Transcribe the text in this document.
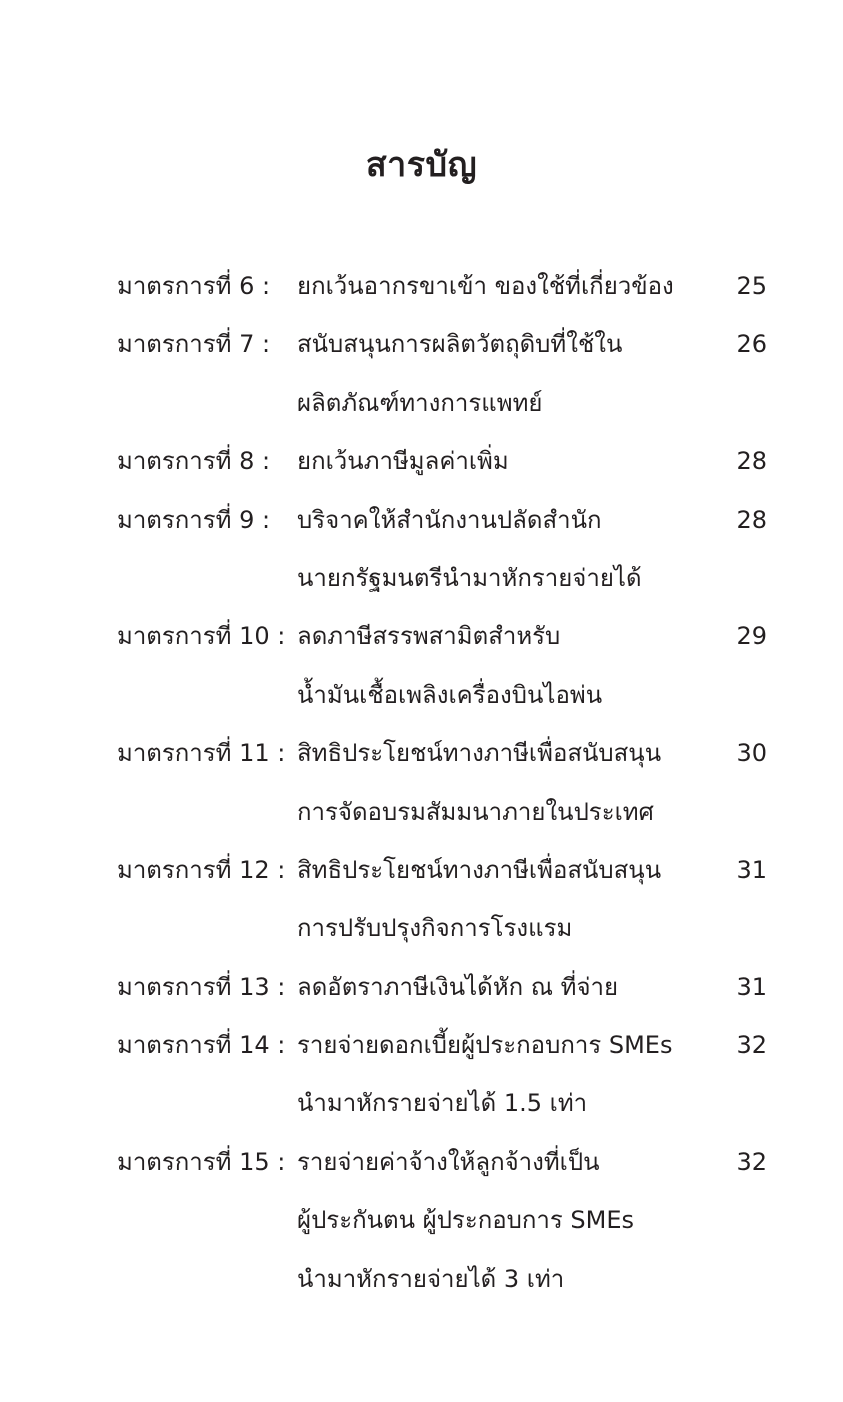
สารบัญ
มาตรการที่ 6 : ยกเว้นอากรขาเข้า ของใช้ที่เกี่ยวข้อง	25
มาตรการที่ 7 : สนับสนุนการผลิตวัตถุดิบที่ใช้ใน	26
ผลิตภัณฑ์ทางการแพทย์
มาตรการที่ 8 : ยกเว้นภาษีมูลค่าเพิ่ม	28
มาตรการที่ 9 : บริจาคให้สำนักงานปลัดสำนัก	28
นายกรัฐมนตรีนำมาหักรายจ่ายได้
มาตรการที่ 10 : ลดภาษีสรรพสามิตสำหรับ	29
น้ำมันเชื้อเพลิงเครื่องบินไอพ่น
มาตรการที่ 11 : สิทธิประโยชน์ทางภาษีเพื่อสนับสนุน	30
การจัดอบรมสัมมนาภายในประเทศ
มาตรการที่ 12 : สิทธิประโยชน์ทางภาษีเพื่อสนับสนุน	31
การปรับปรุงกิจการโรงแรม
มาตรการที่ 13 : ลดอัตราภาษีเงินได้หัก ณ ที่จ่าย	31
มาตรการที่ 14 : รายจ่ายดอกเบี้ยผู้ประกอบการ SMEs	32
นำมาหักรายจ่ายได้ 1.5 เท่า
มาตรการที่ 15 : รายจ่ายค่าจ้างให้ลูกจ้างที่เป็น	32
ผู้ประกันตน ผู้ประกอบการ SMEs
นำมาหักรายจ่ายได้ 3 เท่า
